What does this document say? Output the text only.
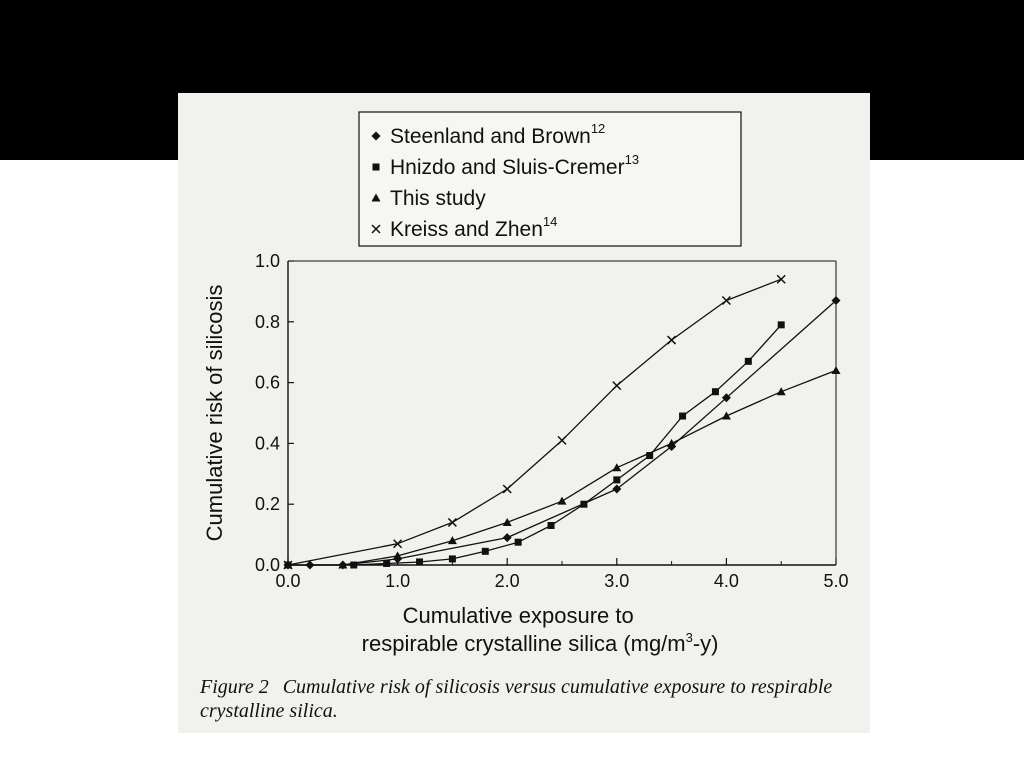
0.0
0.2
0.4
0.6
0.8
1.0
0.0	1.0	2.0	3.0	4.0	5.0
Cumulative exposure to
respirable crystalline silica $(mg/m^3-y)$
Cumulative risk of silicosis
Steenland and Brown$^{12}$
Hnizdo and Sluis-Cremer$^{13}$
This study
Kreiss and Zhen$^{14}$
Figure 2 Cumulative risk of silicosis versus cumulative exposure to respirable crystalline silica.
